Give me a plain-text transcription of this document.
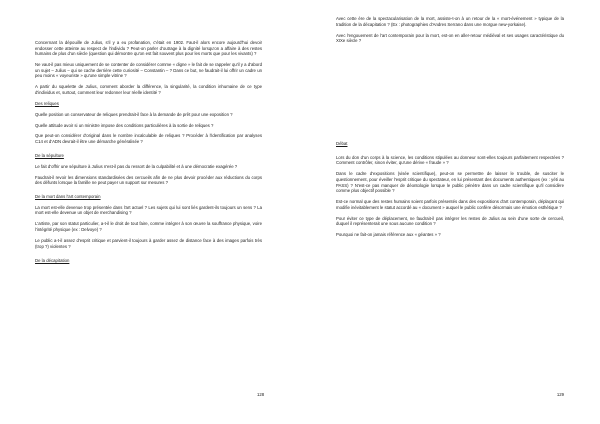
Concernant la dépouille de Julius, s'il y a eu profanation, c'était en 1902. Faut-il alors encore aujourd'hui devoir endosser cette atteinte au respect de l'individu ? Peut-on parler d'outrage à la dignité lorsqu'on a affaire à des restes humains de plus d'un siècle (question qui démontre qu'on est fait souvent plus pour les morts que pour les vivants) ?
Ne vaut-il pas mieux uniquement de se contenter de considérer comme « digne » le fait de se rappeler qu'il y a d'abord un sujet – Julius – qui se cache derrière cette curiosité – Constantin – ? Dans ce but, ne faudrait-il lui offrir un cadre un peu moins « voyeuriste » qu'une simple vitrine ?
A partir du squelette de Julius, comment aborder la différence, la singularité, la condition inhumaine de ce type d'individus et, surtout, comment leur redonner leur réelle identité ?
Des reliques
Quelle position un conservateur de reliques prendrait-il face à la demande de prêt pour une exposition ?
Quelle attitude avoir si un ministre impose des conditions particulières à la sortie de reliques ?
Que peut-on considérer d'original dans le nombre incalculable de reliques ? Procéder à l'identification par analyses C14 et d'ADN devrait-il être une démarche généralisée ?
De la sépulture
Le fait d'offrir une sépulture à Julius n'est-il pas du ressort de la culpabilité et à une démocratie exagérée ?
Faudrait-il revoir les dimensions standardisées des cercueils afin de ne plus devoir procéder aux réductions du corps des défunts lorsque la famille ne peut payer un support sur mesures ?
De la mort dans l'art contemporain
La mort est-elle devenue trop présentée dans l'art actuel ? Les sujets qui lui sont liés gardent-ils toujours un sens ? La mort est-elle devenue un objet de merchandising ?
L'artiste, par son statut particulier, a-t-il le droit de tout faire, comme intégrer à son œuvre la souffrance physique, voire l'intégrité physique (ex : Delvoye) ?
Le public a-t-il assez d'esprit critique et parvient-il toujours à garder assez de distance face à des images parfois très (trop ?) violentes ?
De la décapitation
128
Avec cette ère de la spectacularisation de la mort, assiste-t-on à un retour de la « mort-événement » typique de la tradition de la décapitation ? (Ex : photographies d'Andres Serrano dans une morgue new-yorkaise).
Avec l'engouement de l'art contemporain pour la mort, est-on en aller-retour médiéval et ses usages caractéristique du XIXe siècle ?
Débat
Lors du don d'un corps à la science, les conditions stipulées au donneur sont-elles toujours parfaitement respectées ? Comment contrôler, sinon éviter, qu'une dérive « fraude » ?
Dans le cadre d'expositions (visée scientifique), peut-on se permettre de laisser le trouble, de susciter le questionnement, pour éveiller l'esprit critique du spectateur, en lui présentant des documents authentiques (ex : yéti au PASS) ? N'est-ce pas manquer de déontologie lorsque le public pénètre dans un cadre scientifique qu'il considère comme plus objectif possible ?
Est-ce normal que des restes humains soient parfois présentés dans des expositions d'art contemporain, déplaçant qui modifie inévitablement le statut accordé au « document » auquel le public confère désormais une émotion esthétique ?
Pour éviter ce type de déplacement, ne faudrait-il pas intégrer les restes de Julius au sein d'une sorte de cercueil, duquel il représenterait une sous aucune condition ?
Pourquoi ne fait-on jamais référence aux « géantes » ?
129
